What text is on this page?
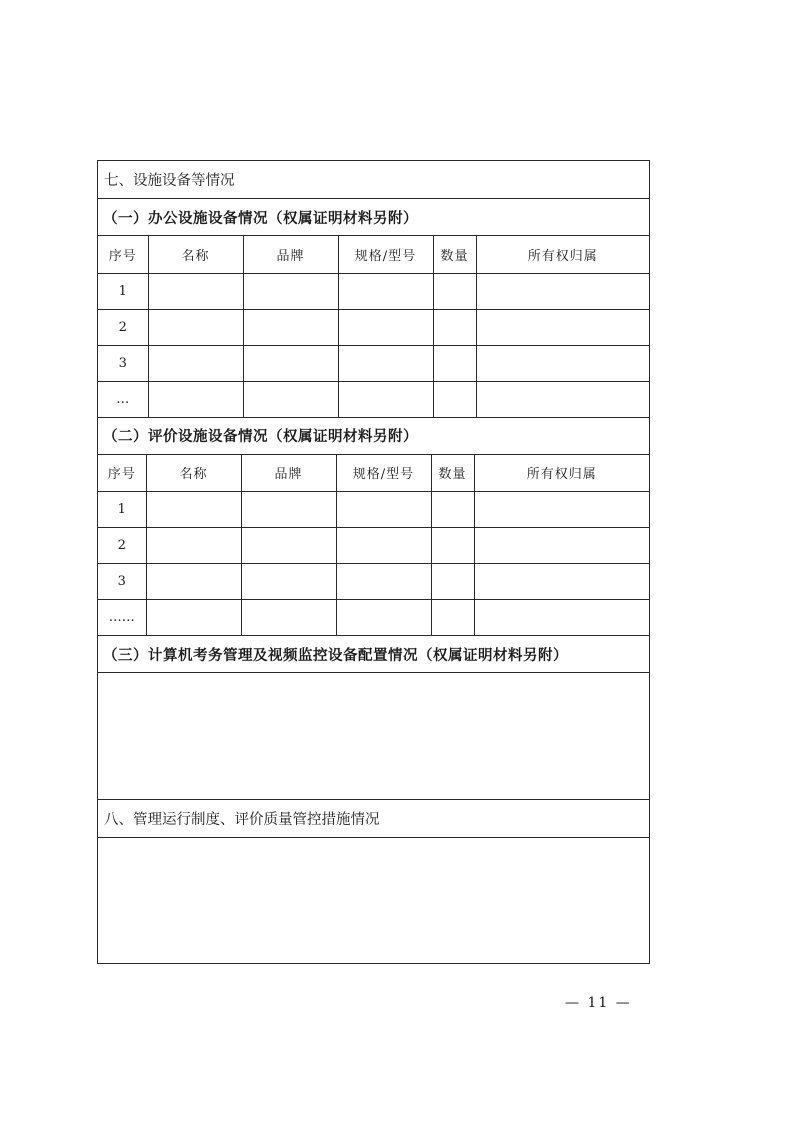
七、设施设备等情况
（一）办公设施设备情况（权属证明材料另附）
序号	名称	品牌	规格/型号	数量	所有权归属
1					
2					
3					
…					
（二）评价设施设备情况（权属证明材料另附）
序号	名称	品牌	规格/型号	数量	所有权归属
1					
2					
3					
……					
（三）计算机考务管理及视频监控设备配置情况（权属证明材料另附）
八、管理运行制度、评价质量管控措施情况
— 11 —
